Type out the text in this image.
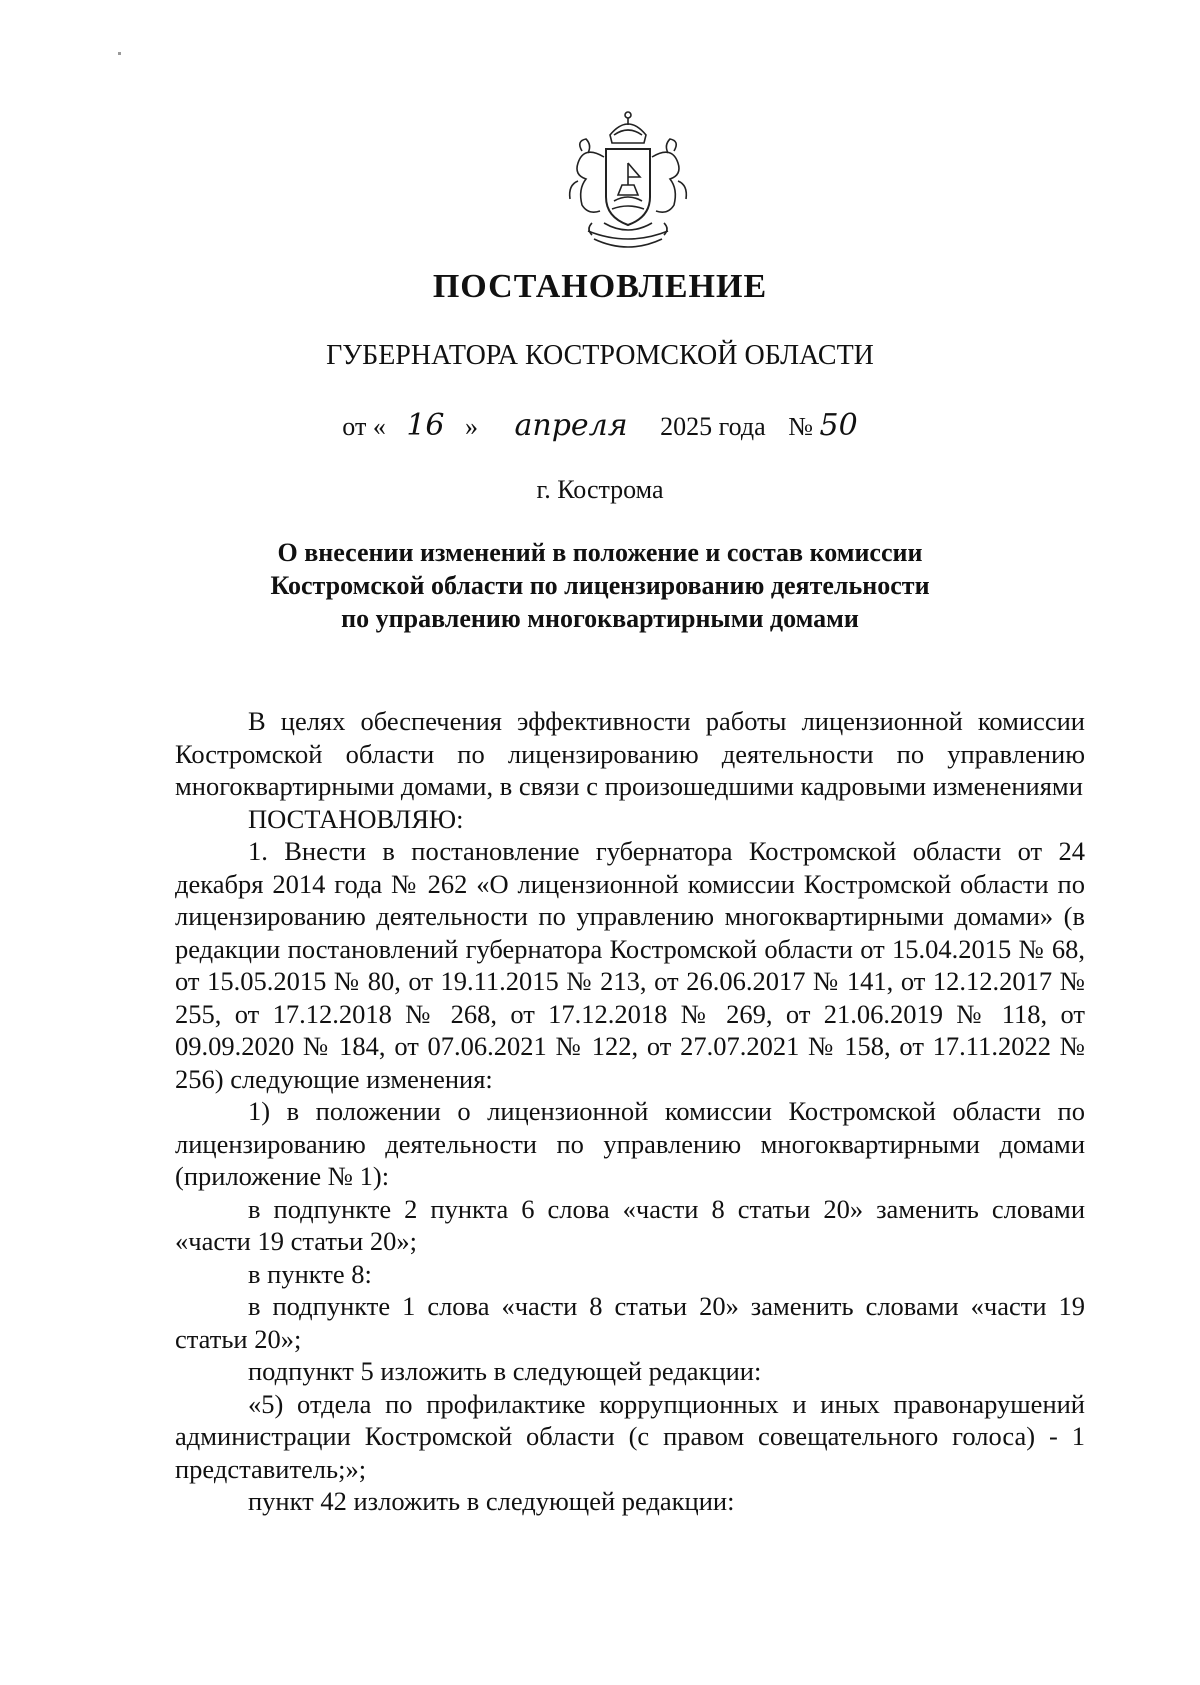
ПОСТАНОВЛЕНИЕ
ГУБЕРНАТОРА КОСТРОМСКОЙ ОБЛАСТИ
от « 16 » апреля 2025 года № 50
г. Кострома
О внесении изменений в положение и состав комиссии
Костромской области по лицензированию деятельности
по управлению многоквартирными домами

В целях обеспечения эффективности работы лицензионной комиссии Костромской области по лицензированию деятельности по управлению многоквартирными домами, в связи с произошедшими кадровыми изменениями

ПОСТАНОВЛЯЮ:

1. Внести в постановление губернатора Костромской области от 24 декабря 2014 года № 262 «О лицензионной комиссии Костромской области по лицензированию деятельности по управлению многоквартирными домами» (в редакции постановлений губернатора Костромской области от 15.04.2015 № 68, от 15.05.2015 № 80, от 19.11.2015 № 213, от 26.06.2017 № 141, от 12.12.2017 № 255, от 17.12.2018 № 268, от 17.12.2018 № 269, от 21.06.2019 № 118, от 09.09.2020 № 184, от 07.06.2021 № 122, от 27.07.2021 № 158, от 17.11.2022 № 256) следующие изменения:

1) в положении о лицензионной комиссии Костромской области по лицензированию деятельности по управлению многоквартирными домами (приложение № 1):

в подпункте 2 пункта 6 слова «части 8 статьи 20» заменить словами «части 19 статьи 20»;

в пункте 8:

в подпункте 1 слова «части 8 статьи 20» заменить словами «части 19 статьи 20»;

подпункт 5 изложить в следующей редакции:

«5) отдела по профилактике коррупционных и иных правонарушений администрации Костромской области (с правом совещательного голоса) - 1 представитель;»;

пункт 42 изложить в следующей редакции:
